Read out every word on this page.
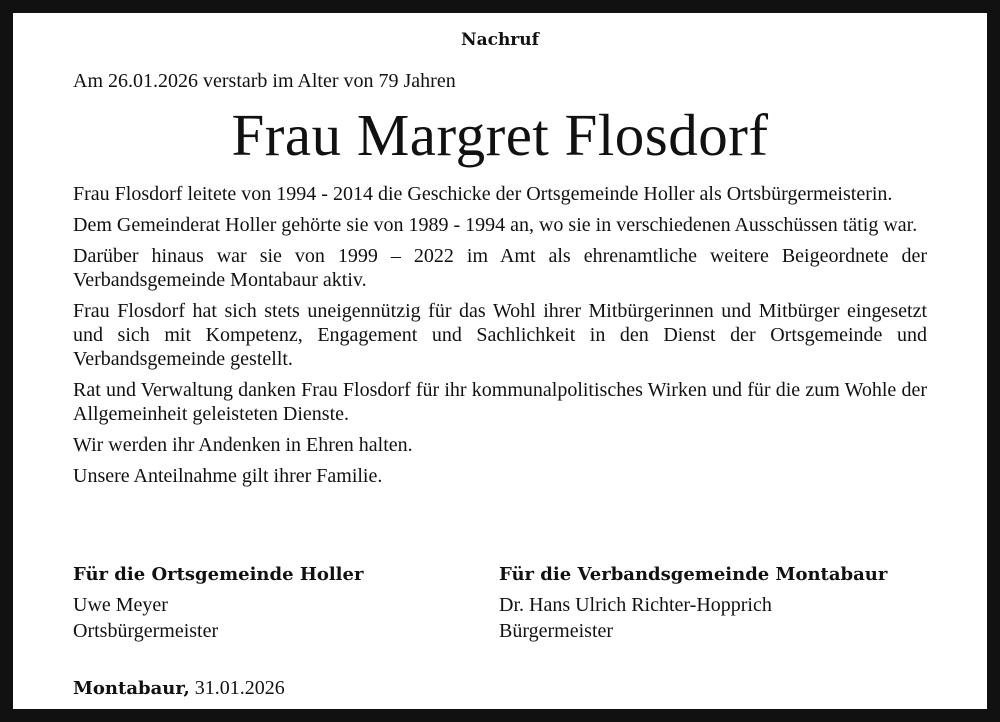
Nachruf

Am 26.01.2026 verstarb im Alter von 79 Jahren

Frau Margret Flosdorf

Frau Flosdorf leitete von 1994 - 2014 die Geschicke der Ortsgemeinde Holler als Ortsbürgermeisterin.

Dem Gemeinderat Holler gehörte sie von 1989 - 1994 an, wo sie in verschiedenen Ausschüssen tätig war.

Darüber hinaus war sie von 1999 – 2022 im Amt als ehrenamtliche weitere Beigeordnete der Verbandsgemeinde Montabaur aktiv.

Frau Flosdorf hat sich stets uneigennützig für das Wohl ihrer Mitbürgerinnen und Mitbürger eingesetzt und sich mit Kompetenz, Engagement und Sachlichkeit in den Dienst der Ortsgemeinde und Verbandsgemeinde gestellt.

Rat und Verwaltung danken Frau Flosdorf für ihr kommunalpolitisches Wirken und für die zum Wohle der Allgemeinheit geleisteten Dienste.

Wir werden ihr Andenken in Ehren halten.

Unsere Anteilnahme gilt ihrer Familie.

Für die Ortsgemeinde Holler

Uwe Meyer

Ortsbürgermeister

Für die Verbandsgemeinde Montabaur

Dr. Hans Ulrich Richter-Hopprich

Bürgermeister

Montabaur, 31.01.2026
